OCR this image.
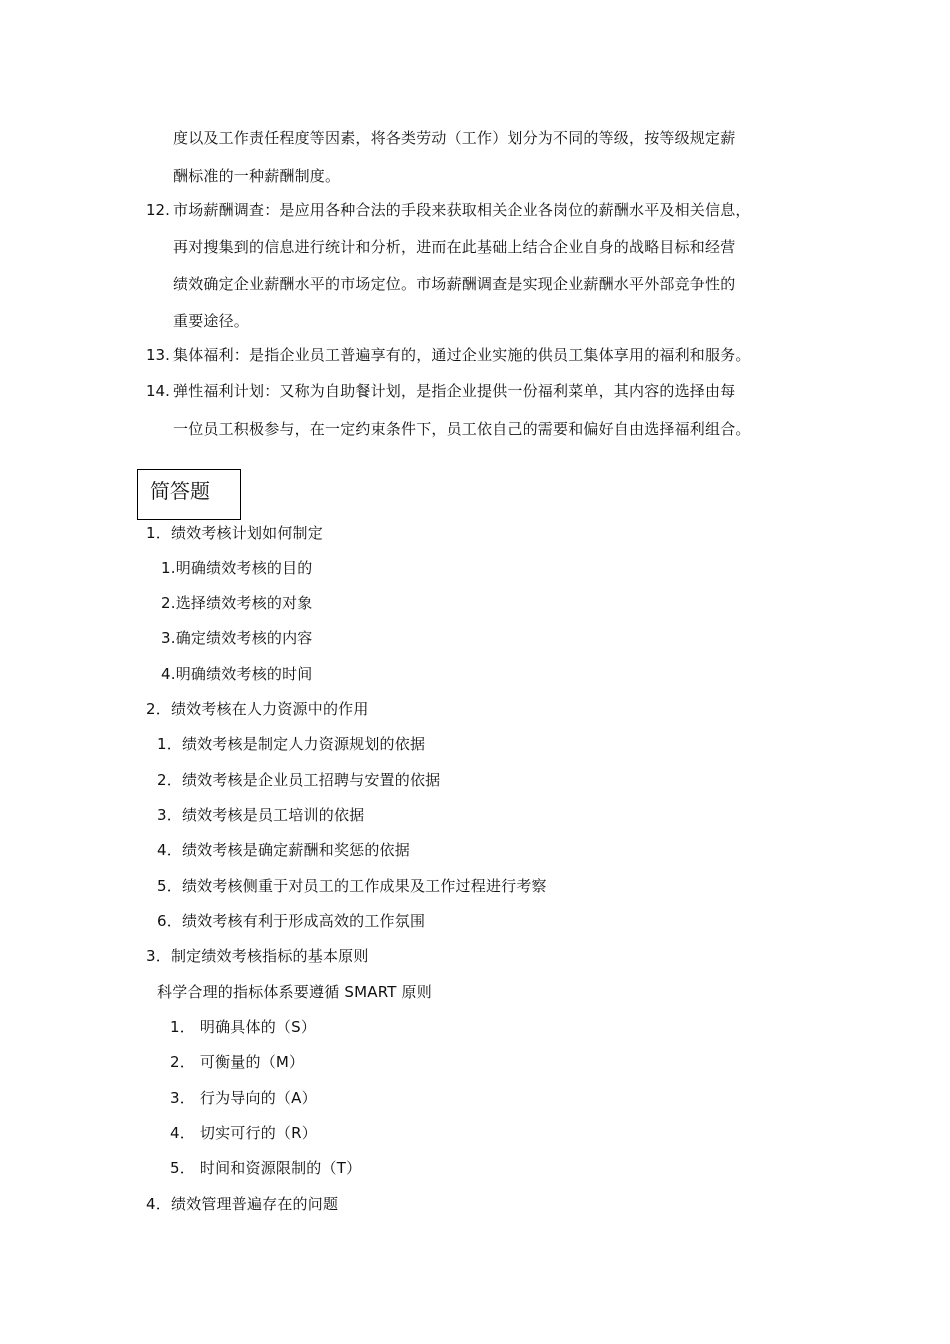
度以及工作责任程度等因素，将各类劳动（工作）划分为不同的等级，按等级规定薪
酬标准的一种薪酬制度。
12. 市场薪酬调查：是应用各种合法的手段来获取相关企业各岗位的薪酬水平及相关信息，
再对搜集到的信息进行统计和分析，进而在此基础上结合企业自身的战略目标和经营
绩效确定企业薪酬水平的市场定位。市场薪酬调查是实现企业薪酬水平外部竞争性的
重要途径。
13. 集体福利：是指企业员工普遍享有的，通过企业实施的供员工集体享用的福利和服务。
14. 弹性福利计划：又称为自助餐计划，是指企业提供一份福利菜单，其内容的选择由每
一位员工积极参与，在一定约束条件下，员工依自己的需要和偏好自由选择福利组合。
简答题
1．绩效考核计划如何制定
1.明确绩效考核的目的
2.选择绩效考核的对象
3.确定绩效考核的内容
4.明确绩效考核的时间
2．绩效考核在人力资源中的作用
1．绩效考核是制定人力资源规划的依据
2．绩效考核是企业员工招聘与安置的依据
3．绩效考核是员工培训的依据
4．绩效考核是确定薪酬和奖惩的依据
5．绩效考核侧重于对员工的工作成果及工作过程进行考察
6．绩效考核有利于形成高效的工作氛围
3．制定绩效考核指标的基本原则
科学合理的指标体系要遵循 SMART 原则
1． 明确具体的（S）
2． 可衡量的（M）
3． 行为导向的（A）
4． 切实可行的（R）
5． 时间和资源限制的（T）
4．绩效管理普遍存在的问题
